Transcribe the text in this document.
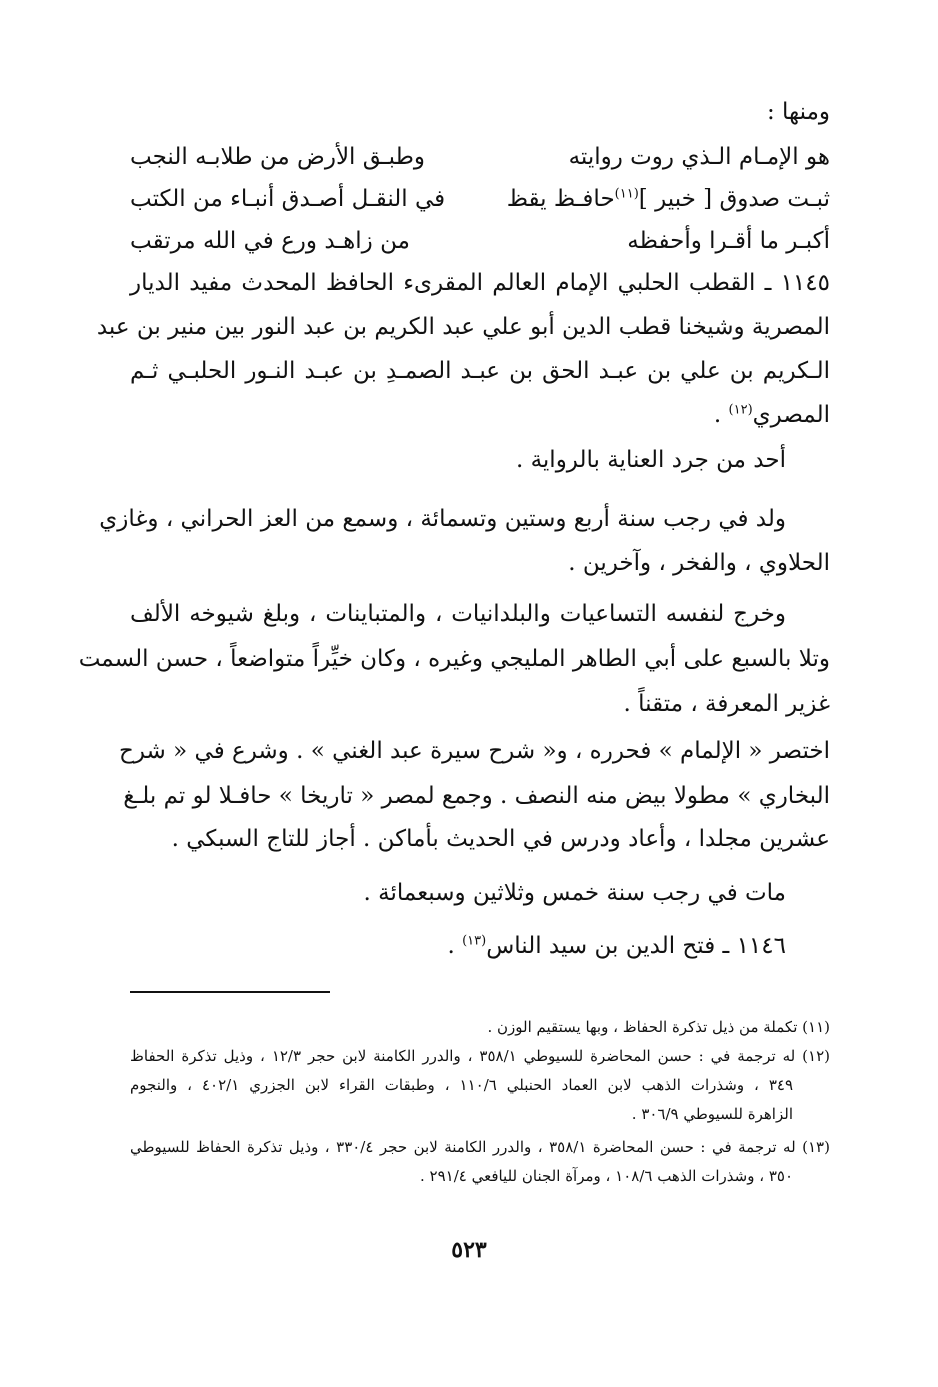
ومنها :
هو الإمـام الـذي روت روايته
وطبـق الأرض من طلابـه النجب
ثبـت صدوق [ خبير ]$^{(١١)}$حافـظ يقظ
في النقـل أصـدق أنبـاء من الكتب
أكبـر ما أقـرا وأحفظه
من زاهـد ورع في الله مرتقب
١١٤٥ ـ القطب الحلبي الإمام العالم المقرىء الحافظ المحدث مفيد الديار
المصرية وشيخنا قطب الدين أبو علي عبد الكريم بن عبد النور بين منير بن عبد
الـكريم بن علي بن عبـد الحق بن عبـد الصمـدِ بن عبـد النـور الحلبـي ثـم
المصري$^{(١٢)}$ .
أحد من جرد العناية بالرواية .
ولد في رجب سنة أربع وستين وتسمائة ، وسمع من العز الحراني ، وغازي
الحلاوي ، والفخر ، وآخرين .
وخرج لنفسه التساعيات والبلدانيات ، والمتباينات ، وبلغ شيوخه الألف
وتلا بالسبع على أبي الطاهر المليجي وغيره ، وكان خيِّراً متواضعاً ، حسن السمت
غزير المعرفة ، متقناً .
اختصر « الإلمام » فحرره ، و« شرح سيرة عبد الغني » . وشرع في « شرح
البخاري » مطولا بيض منه النصف . وجمع لمصر « تاريخا » حافـلا لو تم بلـغ
عشرين مجلدا ، وأعاد ودرس في الحديث بأماكن . أجاز للتاج السبكي .
مات في رجب سنة خمس وثلاثين وسبعمائة .
١١٤٦ ـ فتح الدين بن سيد الناس$^{(١٣)}$ .
(١١) تكملة من ذيل تذكرة الحفاظ ، وبها يستقيم الوزن .
(١٢) له ترجمة في : حسن المحاضرة للسيوطي ٣٥٨/١ ، والدرر الكامنة لابن حجر ١٢/٣ ، وذيل تذكرة الحفاظ
٣٤٩ ، وشذرات الذهب لابن العماد الحنبلي ١١٠/٦ ، وطبقات القراء لابن الجزري ٤٠٢/١ ، والنجوم
الزاهرة للسيوطي ٣٠٦/٩ .
(١٣) له ترجمة في : حسن المحاضرة ٣٥٨/١ ، والدرر الكامنة لابن حجر ٣٣٠/٤ ، وذيل تذكرة الحفاظ للسيوطي
٣٥٠ ، وشذرات الذهب ١٠٨/٦ ، ومرآة الجنان لليافعي ٢٩١/٤ .
٥٢٣
